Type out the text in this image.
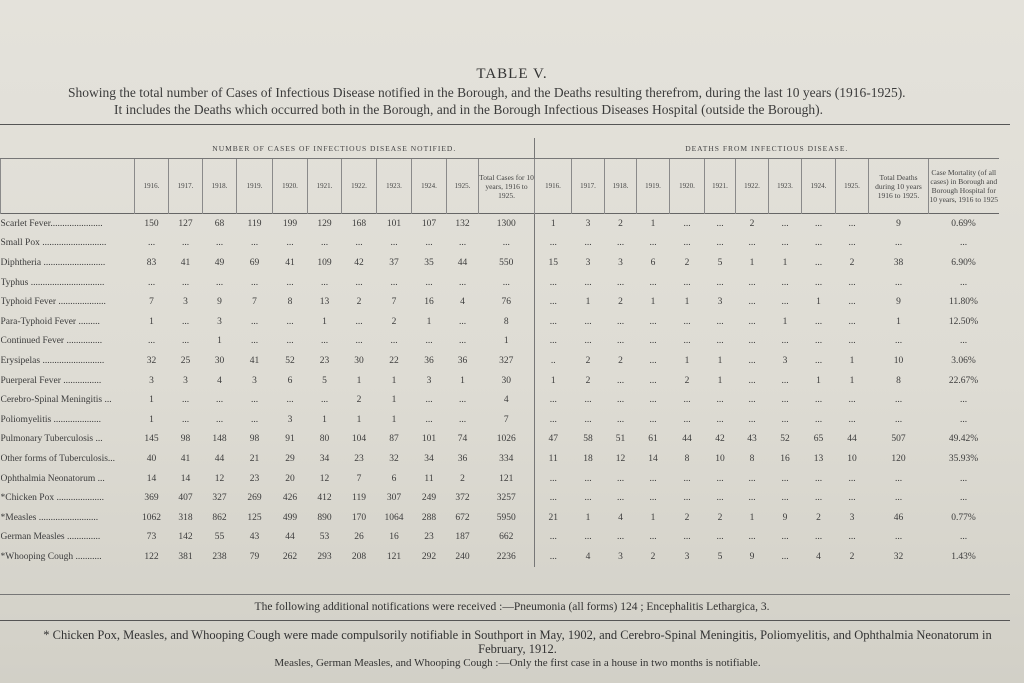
TABLE V.
Showing the total number of Cases of Infectious Disease notified in the Borough, and the Deaths resulting therefrom, during the last 10 years (1916-1925).
It includes the Deaths which occurred both in the Borough, and in the Borough Infectious Diseases Hospital (outside the Borough).
	NUMBER OF CASES OF INFECTIOUS DISEASE NOTIFIED.											DEATHS FROM INFECTIOUS DISEASE.											
	1916.	1917.	1918.	1919.	1920.	1921.	1922.	1923.	1924.	1925.	Total Cases for 10 years, 1916 to 1925.	1916.	1917.	1918.	1919.	1920.	1921.	1922.	1923.	1924.	1925.	Total Deaths during 10 years 1916 to 1925.	Case Mortality (of all cases) in Borough and Borough Hospital for 10 years, 1916 to 1925
Scarlet Fever......................	150	127	68	119	199	129	168	101	107	132	1300	1	3	2	1	...	...	2	...	...	...	9	0.69%
Small Pox ...........................	...	...	...	...	...	...	...	...	...	...	...	...	...	...	...	...	...	...	...	...	...	...	...
Diphtheria ..........................	83	41	49	69	41	109	42	37	35	44	550	15	3	3	6	2	5	1	1	...	2	38	6.90%
Typhus ...............................	...	...	...	...	...	...	...	...	...	...	...	...	...	...	...	...	...	...	...	...	...	...	...
Typhoid Fever ....................	7	3	9	7	8	13	2	7	16	4	76	...	1	2	1	1	3	...	...	1	...	9	11.80%
Para-Typhoid Fever .........	1	...	3	...	...	1	...	2	1	...	8	...	...	...	...	...	...	...	1	...	...	1	12.50%
Continued Fever ...............	...	...	1	...	...	...	...	...	...	...	1	...	...	...	...	...	...	...	...	...	...	...	...
Erysipelas ..........................	32	25	30	41	52	23	30	22	36	36	327	..	2	2	...	1	1	...	3	...	1	10	3.06%
Puerperal Fever ................	3	3	4	3	6	5	1	1	3	1	30	1	2	...	...	2	1	...	...	1	1	8	22.67%
Cerebro-Spinal Meningitis ...	1	...	...	...	...	...	2	1	...	...	4	...	...	...	...	...	...	...	...	...	...	...	...
Poliomyelitis ....................	1	...	...	...	3	1	1	1	...	...	7	...	...	...	...	...	...	...	...	...	...	...	...
Pulmonary Tuberculosis ...	145	98	148	98	91	80	104	87	101	74	1026	47	58	51	61	44	42	43	52	65	44	507	49.42%
Other forms of Tuberculosis...	40	41	44	21	29	34	23	32	34	36	334	11	18	12	14	8	10	8	16	13	10	120	35.93%
Ophthalmia Neonatorum ...	14	14	12	23	20	12	7	6	11	2	121	...	...	...	...	...	...	...	...	...	...	...	...
*Chicken Pox ....................	369	407	327	269	426	412	119	307	249	372	3257	...	...	...	...	...	...	...	...	...	...	...	...
*Measles .........................	1062	318	862	125	499	890	170	1064	288	672	5950	21	1	4	1	2	2	1	9	2	3	46	0.77%
German Measles ..............	73	142	55	43	44	53	26	16	23	187	662	...	...	...	...	...	...	...	...	...	...	...	...
*Whooping Cough ...........	122	381	238	79	262	293	208	121	292	240	2236	...	4	3	2	3	5	9	...	4	2	32	1.43%
The following additional notifications were received :—Pneumonia (all forms) 124 ; Encephalitis Lethargica, 3.
* Chicken Pox, Measles, and Whooping Cough were made compulsorily notifiable in Southport in May, 1902, and Cerebro-Spinal Meningitis, Poliomyelitis, and Ophthalmia Neonatorum in February, 1912.
Measles, German Measles, and Whooping Cough :—Only the first case in a house in two months is notifiable.
